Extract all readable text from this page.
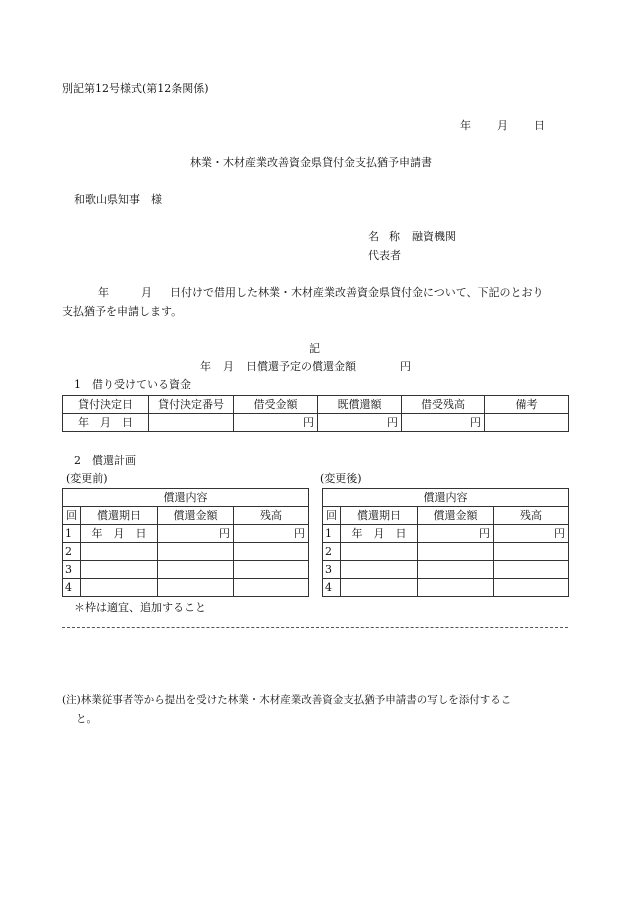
別記第12号様式(第12条関係)
年 月 日
林業・木材産業改善資金県貸付金支払猶予申請書
和歌山県知事　様
名 称 融資機関
代表者
年	月 日付けで借用した林業・木材産業改善資金県貸付金について、下記のとおり
支払猶予を申請します。
記
年 月 日償還予定の償還金額	円
1　借り受けている資金
貸付決定日	貸付決定番号	借受金額	既償還額	借受残高	備考
年　月　日		円	円	円	
2　償還計画
(変更前)	(変更後)
償還内容			
回	償還期日	償還金額	残高
1	年　月　日	円	円
2			
3			
4			
償還内容			
回	償還期日	償還金額	残高
1	年　月　日	円	円
2			
3			
4			
＊枠は適宜、追加すること
(注)林業従事者等から提出を受けた林業・木材産業改善資金支払猶予申請書の写しを添付するこ
と。
